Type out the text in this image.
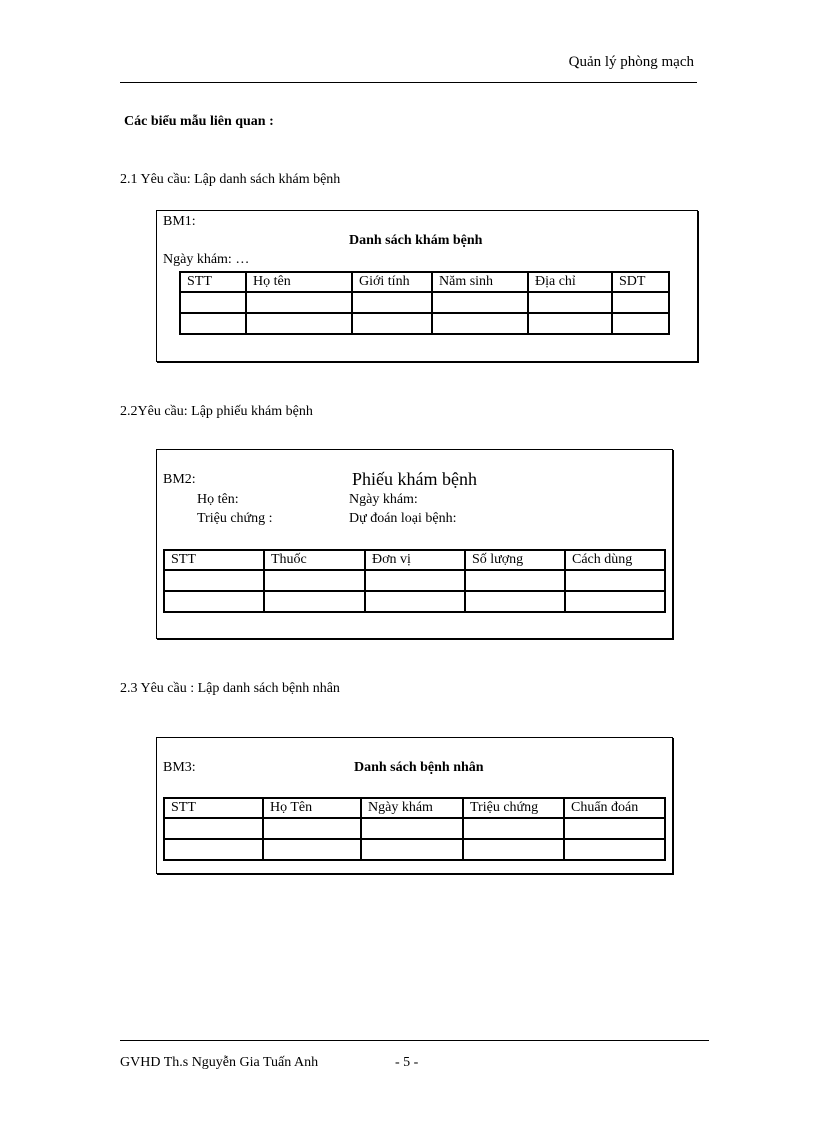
Quản lý phòng mạch
Các biểu mẫu liên quan :
2.1 Yêu cầu: Lập danh sách khám bệnh
BM1:
Danh sách khám bệnh
Ngày khám: …
STT	Họ tên	Giới tính	Năm sinh	Địa chỉ	SDT

2.2Yêu cầu: Lập phiếu khám bệnh
BM2:	Phiếu khám bệnh
Họ tên:	Ngày khám:
Triệu chứng :	Dự đoán loại bệnh:
STT	Thuốc	Đơn vị	Số lượng	Cách dùng

2.3 Yêu cầu : Lập danh sách bệnh nhân
BM3:	Danh sách bệnh nhân
STT	Họ Tên	Ngày khám	Triệu chứng	Chuẩn đoán

GVHD Th.s Nguyễn Gia Tuấn Anh	- 5 -
